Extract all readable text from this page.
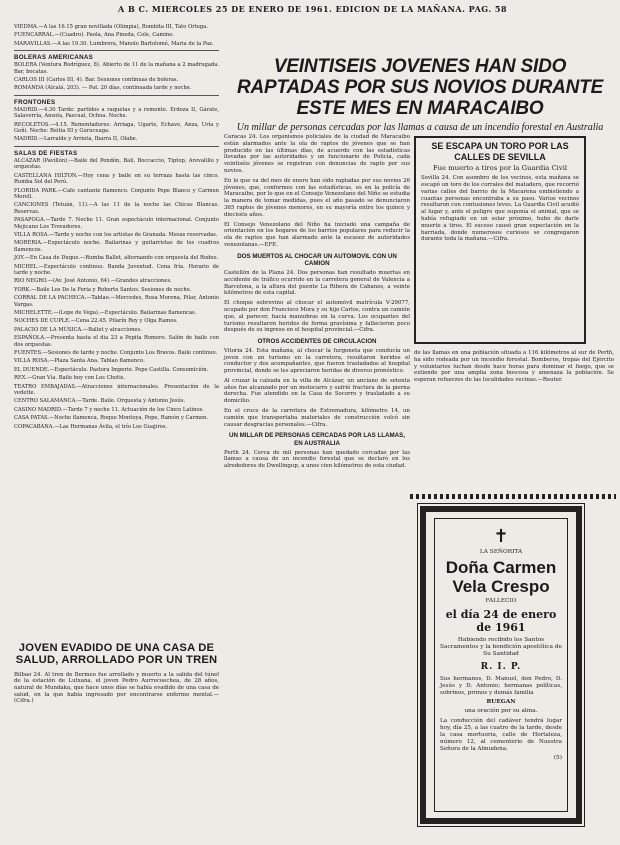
A B C. MIERCOLES 25 DE ENERO DE 1961. EDICION DE LA MAÑANA. PAG. 58

VIEDMA.—A las 16.15 gran novillada (Olimpia), Bombita III, Tato Ortega.

FUENCARRAL.—(Cuadro). Paola, Ana Pineda, Cole, Camino.

MARAVILLAS.—A las 19.30. Lumbrera, Manolo Bartolomé, Maria de la Paz.

BOLERAS AMERICANAS

BOLERA (Ventura Rodríguez, 8). Abierto de 11 de la mañana a 2 madrugada. Bar, bocatas.

CARLOS III (Carlos III, 4). Bar. Sesiones continuas de boleras.

ROMANDA (Alcalá, 203). — Pat. 20 días, continuada tarde y noche.

FRONTONES

MADRID.—4.30 Tarde: partidos a raquetas y a remonte. Erdoza II, Gárate, Salaverría, Ansola, Pascual, Ochoa. Noche.

RECOLETOS.—4.15. Remontadores: Arriaga, Ugarte, Echave, Anza, Uría y Goñi. Noche: Beitia III y Guruceaga.

MADRID.—Larralde y Arrieta, Ibarra II, Olabe.

SALAS DE FIESTAS

ALCAZAR (Pavillón).—Baile del Pendón, Bali, Boccaccio, Tiptop, Arevalillo y orquestas.

CASTELLANA HILTON.—Hoy cena y baile en su terraza hasta las cinco. Rumba Sol del Perú.

FLORIDA PARK.—Cafe cantante flamenco. Conjunto Pepe Blanco y Carmen Morell.

CANCIONES (Tetuán, 11).—A las 11 de la noche las Chicas Blancas. Reservas.

PASAPOGA.—Tarde 7. Noche 11. Gran espectáculo internacional. Conjunto Mejicano Los Trovadores.

VILLA ROSA.—Tarde y noche con los artistas de Granada. Mesas reservadas.

MORERIA.—Espectáculo noche. Bailarinas y guitarristas de los cuadros flamencos.

JOY.—En Casa de Duque.—Rumba Ballet, alternando con orquesta del Rodeo.

MICHEL.—Espectáculo continuo. Banda Juventud. Cena fría. Horario de tarde y noche.

RIO NEGRO.—(Av. José Antonio, 64).—Grandes atracciones.

YORK.—Baile Los De la Feria y Roberto Santos. Sesiones de noche.

CORRAL DE LA PACHECA.—Tablao.—Mercedes, Rosa Morena, Pilar, Antonio Vargas.

MICHELETTE.—(Lope de Vega).—Espectáculo. Bailarinas flamencas.

NOCHES DE CUPLE.—Cena 22.45. Pilarín Rey y Olga Ramos.

PALACIO DE LA MÚSICA.—Ballet y atracciones.

ESPAÑOLA.—Presenta hasta el dia 23 a Pepita Romero. Salón de baile con dos orquestas.

FUENTES.—Sesiones de tarde y noche. Conjunto Los Bravos. Baile continuo.

VILLA ROSA.—Plaza Santa Ana. Tablao flamenco.

EL DUENDE.—Espectáculo. Pastora Imperio. Pepe Castilla. Consumición.

REX.—Gran Vía. Baile hoy con Los Chotis.

TEATRO EMBAJADAS.—Atracciones internacionales. Presentación de la vedette.

CENTRO SALAMANCA.—Tarde. Baile. Orquesta y Antonio Jesús.

CASINO MADRID.—Tarde 7 y noche 11. Actuación de los Cinco Latinos.

CASA PATAS.—Noche flamenca, Roque Montoya, Pepe, Ramón y Carmen.

COPACABANA.—Las Hermanas Ávila, el trío Los Guajiros.

JOVEN EVADIDO DE UNA CASA DE SALUD, ARROLLADO POR UN TREN

Bilbao 24. Al tren de Bermeo fue arrollado y muerto a la salida del túnel de la estación de Lutxana, el joven Pedro Aurrecoechea, de 28 años, natural de Mundaka, que hace unos días se había evadido de una casa de salud, en la que había ingresado por encontrarse enfermo mental.—(Cifra.)

VEINTISEIS JOVENES HAN SIDO RAPTADAS POR SUS NOVIOS DURANTE ESTE MES EN MARACAIBO
Un millar de personas cercadas por las llamas a causa de un incendio forestal en Australia

Caracas 24. Los organismos policiales de la ciudad de Maracaibo están alarmados ante la ola de raptos de jóvenes que se han producido en las últimas días, de acuerdo con las estadísticas llevadas por las autoridades y un funcionario de Policía, cada veintiséis jóvenes se registran con denuncias de rapto por sus novios.

En lo que va del mes de enero han sido raptadas por sus novios 26 jóvenes, que, conformes con las estadísticas, es en la policía de Maracaibo, por lo que en el Consejo Venezolano del Niño se estudia la manera de tomar medidas, pues el año pasado se denunciaron 365 raptos de jóvenes menores, en su mayoría entre los quince y dieciséis años.

El Consejo Venezolano del Niño ha iniciado una campaña de orientación en los hogares de los barrios populares para reducir la ola de raptos que han alarmado ante la escasez de autoridades venezolanas.—EFE.

DOS MUERTOS AL CHOCAR UN AUTOMOVIL CON UN CAMION

Castellón de la Plana 24. Dos personas han resultado muertas en accidente de tráfico ocurrido en la carretera general de Valencia a Barcelona, a la altura del puente La Ribera de Cabanes, a veinte kilómetros de esta capital.

El choque sobrevino al chocar el automóvil matrícula V-29077, ocupado por don Francisco Mora y su hijo Carlos, contra un camión que, al parecer, hacía maniobras en la curva. Los ocupantes del turismo resultaron heridos de forma gravísima y fallecieron poco después de su ingreso en el hospital provincial.—Cifra.

OTROS ACCIDENTES DE CIRCULACION

Vitoria 24. Esta mañana, al chocar la furgoneta que conducía un joven con un turismo en la carretera, resultaron heridos el conductor y dos acompañantes, que fueron trasladados al hospital provincial, donde se les apreciaron heridas de diverso pronóstico.

Al cruzar la calzada en la villa de Alcázar, un anciano de setenta años fue alcanzado por un motocarro y sufrió fractura de la pierna derecha. Fue atendido en la Casa de Socorro y trasladado a su domicilio.

En el cruce de la carretera de Extremadura, kilómetro 14, un camión que transportaba materiales de construcción volcó sin causar desgracias personales.—Cifra.

UN MILLAR DE PERSONAS CERCADAS POR LAS LLAMAS, EN AUSTRALIA

Perth 24. Cerca de mil personas han quedado cercadas por las llamas a causa de un incendio forestal que se declaró en los alrededores de Dwellingup, a unos cien kilómetros de esta ciudad.

SE ESCAPA UN TORO POR LAS CALLES DE SEVILLA
Fue muerto a tiros por la Guardia Civil

Sevilla 24. Con asombro de los vecinos, esta mañana se escapó un toro de los corrales del matadero, que recorrió varias calles del barrio de la Macarena embistiendo a cuantas personas encontraba a su paso. Varios vecinos resultaron con contusiones leves. La Guardia Civil acudió al lugar y, ante el peligro que suponía el animal, que se había refugiado en un solar próximo, hubo de darle muerte a tiros. El suceso causó gran expectación en la barriada, donde numerosos curiosos se congregaron durante toda la mañana.—Cifra.

de las llamas en una población situada a 116 kilómetros al sur de Perth, ha sido rodeada por un incendio forestal. Bomberos, tropas del Ejército y voluntarios luchan desde hace horas para dominar el fuego, que se extiende por una amplia zona boscosa y amenaza la población. Se esperan refuerzos de las localidades vecinas.—Reuter.

✝
LA SEÑORITA
Doña Carmen Vela Crespo
FALLECIO
el día 24 de enero de 1961
Habiendo recibido los Santos Sacramentos y la bendición apostólica de Su Santidad
R. I. P.
Sus hermanos, D. Manuel, don Pedro, D. Jesús y D. Antonio; hermanas políticas, sobrinos, primos y demás familia
RUEGAN
una oración por su alma.
La conducción del cadáver tendrá lugar hoy, día 25, a las cuatro de la tarde, desde la casa mortuoria, calle de Hortaleza, número 12, al cementerio de Nuestra Señora de la Almudena.
(5)
